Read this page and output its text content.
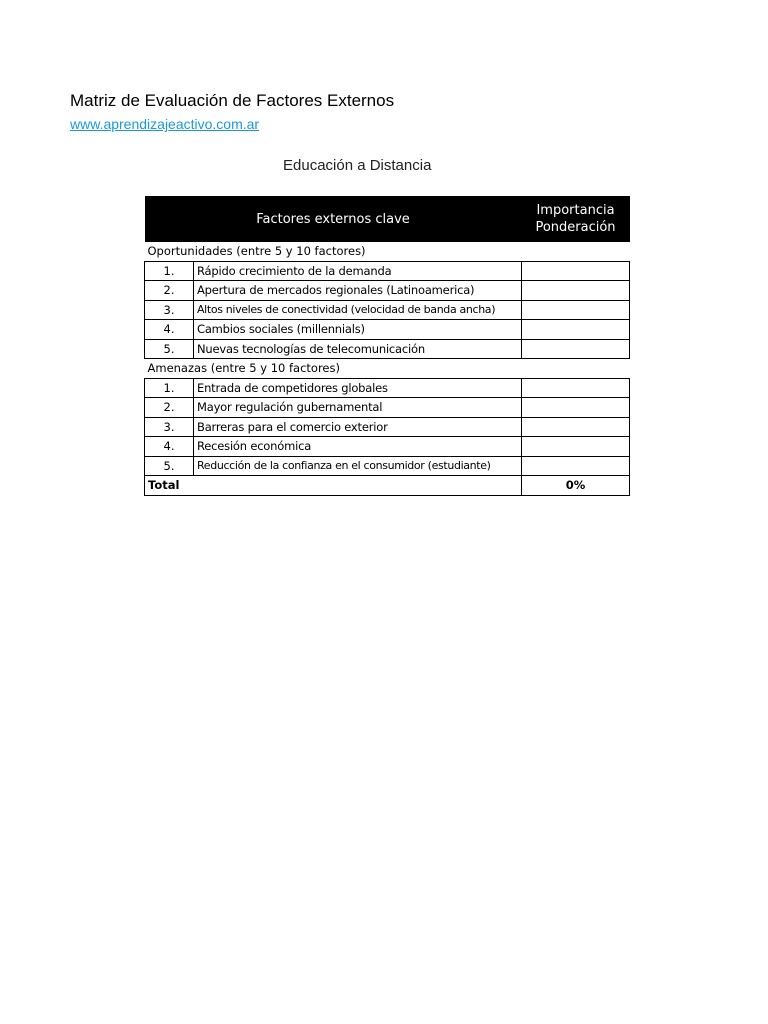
Matriz de Evaluación de Factores Externos
www.aprendizajeactivo.com.ar
Educación a Distancia
Factores externos clave		Importancia
Ponderación
Oportunidades (entre 5 y 10 factores)		
1.	Rápido crecimiento de la demanda	
2.	Apertura de mercados regionales (Latinoamerica)	
3.	Altos niveles de conectividad (velocidad de banda ancha)	
4.	Cambios sociales (millennials)	
5.	Nuevas tecnologías de telecomunicación	
Amenazas (entre 5 y 10 factores)		
1.	Entrada de competidores globales	
2.	Mayor regulación gubernamental	
3.	Barreras para el comercio exterior	
4.	Recesión económica	
5.	Reducción de la confianza en el consumidor (estudiante)	
Total		0%
